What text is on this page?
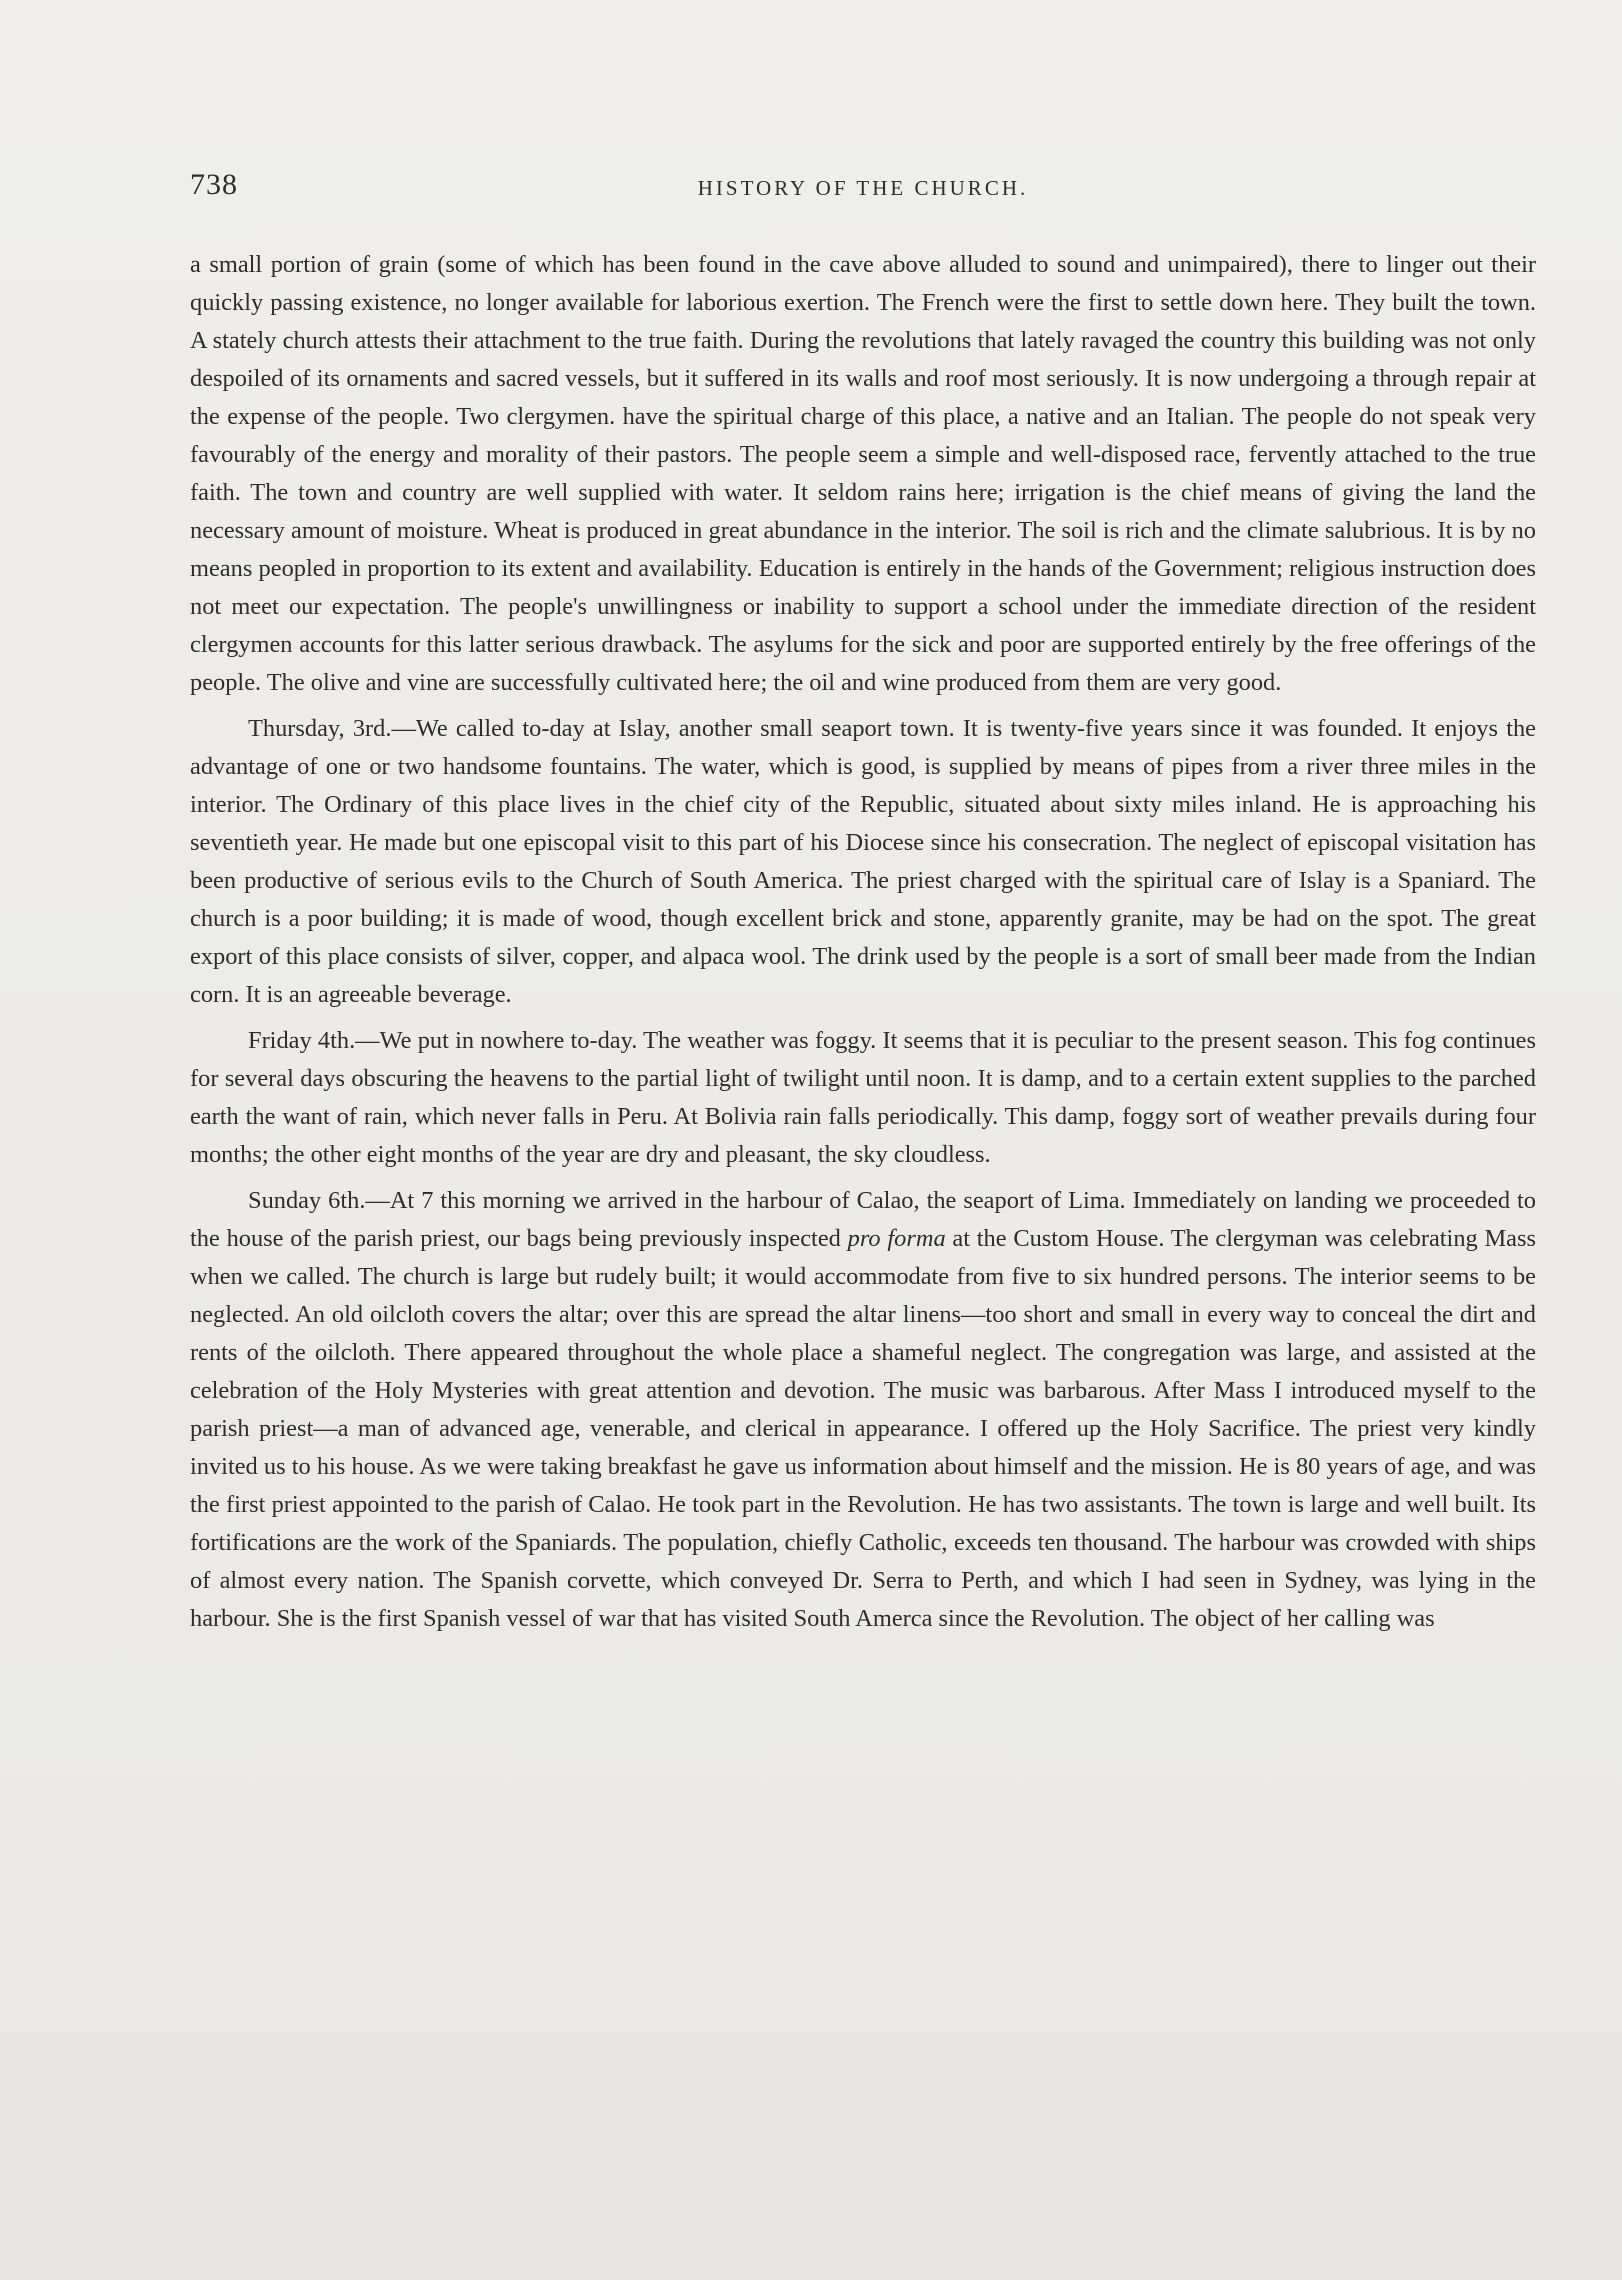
738	HISTORY OF THE CHURCH.

a small portion of grain (some of which has been found in the cave above alluded to sound and unimpaired), there to linger out their quickly passing existence, no longer available for laborious exertion. The French were the first to settle down here. They built the town. A stately church attests their attachment to the true faith. During the revolutions that lately ravaged the country this building was not only despoiled of its ornaments and sacred vessels, but it suffered in its walls and roof most seriously. It is now undergoing a through repair at the expense of the people. Two clergymen. have the spiritual charge of this place, a native and an Italian. The people do not speak very favourably of the energy and morality of their pastors. The people seem a simple and well-disposed race, fervently attached to the true faith. The town and country are well supplied with water. It seldom rains here; irrigation is the chief means of giving the land the necessary amount of moisture. Wheat is produced in great abundance in the interior. The soil is rich and the climate salubrious. It is by no means peopled in proportion to its extent and availability. Education is entirely in the hands of the Government; religious instruction does not meet our expectation. The people's unwillingness or inability to support a school under the immediate direction of the resident clergymen accounts for this latter serious drawback. The asylums for the sick and poor are supported entirely by the free offerings of the people. The olive and vine are successfully cultivated here; the oil and wine produced from them are very good.

Thursday, 3rd.—We called to-day at Islay, another small seaport town. It is twenty-five years since it was founded. It enjoys the advantage of one or two handsome fountains. The water, which is good, is supplied by means of pipes from a river three miles in the interior. The Ordinary of this place lives in the chief city of the Republic, situated about sixty miles inland. He is approaching his seventieth year. He made but one episcopal visit to this part of his Diocese since his consecration. The neglect of episcopal visitation has been productive of serious evils to the Church of South America. The priest charged with the spiritual care of Islay is a Spaniard. The church is a poor building; it is made of wood, though excellent brick and stone, apparently granite, may be had on the spot. The great export of this place consists of silver, copper, and alpaca wool. The drink used by the people is a sort of small beer made from the Indian corn. It is an agreeable beverage.

Friday 4th.—We put in nowhere to-day. The weather was foggy. It seems that it is peculiar to the present season. This fog continues for several days obscuring the heavens to the partial light of twilight until noon. It is damp, and to a certain extent supplies to the parched earth the want of rain, which never falls in Peru. At Bolivia rain falls periodically. This damp, foggy sort of weather prevails during four months; the other eight months of the year are dry and pleasant, the sky cloudless.

Sunday 6th.—At 7 this morning we arrived in the harbour of Calao, the seaport of Lima. Immediately on landing we proceeded to the house of the parish priest, our bags being previously inspected pro forma at the Custom House. The clergyman was celebrating Mass when we called. The church is large but rudely built; it would accommodate from five to six hundred persons. The interior seems to be neglected. An old oilcloth covers the altar; over this are spread the altar linens—too short and small in every way to conceal the dirt and rents of the oilcloth. There appeared throughout the whole place a shameful neglect. The congregation was large, and assisted at the celebration of the Holy Mysteries with great attention and devotion. The music was barbarous. After Mass I introduced myself to the parish priest—a man of advanced age, venerable, and clerical in appearance. I offered up the Holy Sacrifice. The priest very kindly invited us to his house. As we were taking breakfast he gave us information about himself and the mission. He is 80 years of age, and was the first priest appointed to the parish of Calao. He took part in the Revolution. He has two assistants. The town is large and well built. Its fortifications are the work of the Spaniards. The population, chiefly Catholic, exceeds ten thousand. The harbour was crowded with ships of almost every nation. The Spanish corvette, which conveyed Dr. Serra to Perth, and which I had seen in Sydney, was lying in the harbour. She is the first Spanish vessel of war that has visited South Amerca since the Revolution. The object of her calling was
